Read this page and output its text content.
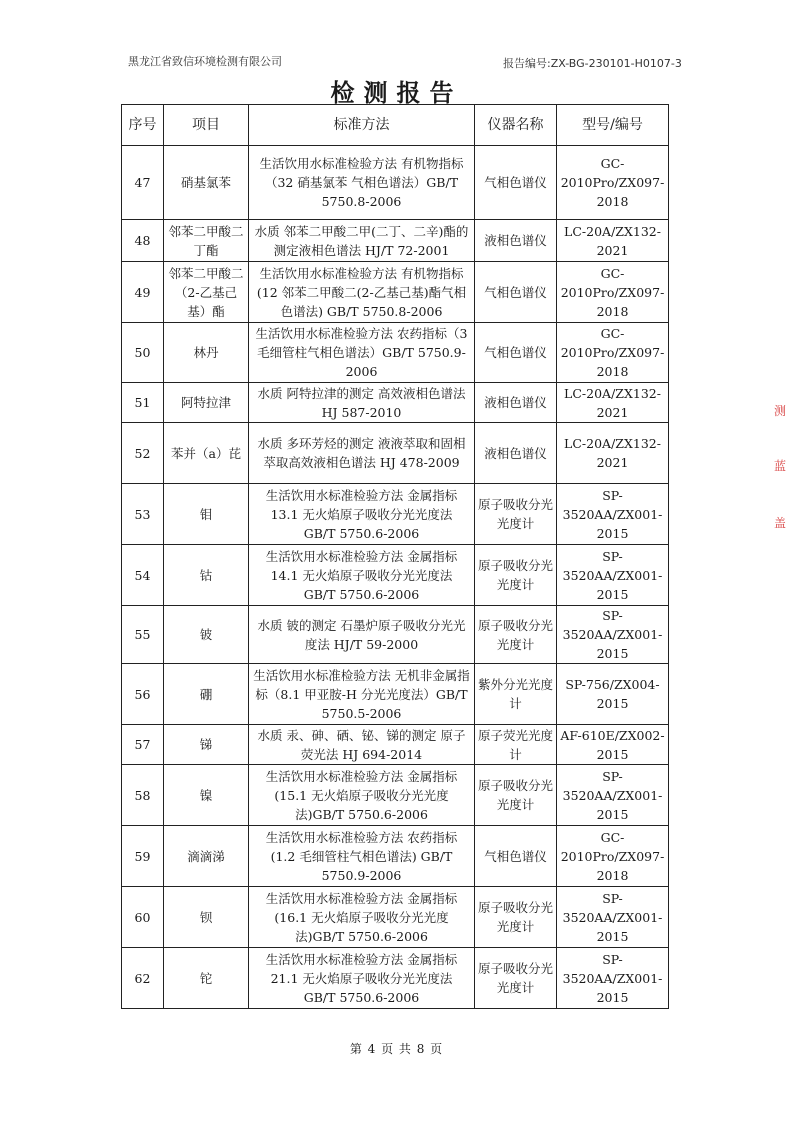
黑龙江省致信环境检测有限公司	报告编号:ZX-BG-230101-H0107-3
检测报告
序号	项目	标准方法	仪器名称	型号/编号
47	硝基氯苯	生活饮用水标准检验方法 有机物指标（32 硝基氯苯 气相色谱法）GB/T 5750.8-2006	气相色谱仪	GC-2010Pro/ZX097-2018
48	邻苯二甲酸二丁酯	水质 邻苯二甲酸二甲(二丁、二辛)酯的测定液相色谱法 HJ/T 72-2001	液相色谱仪	LC-20A/ZX132-2021
49	邻苯二甲酸二（2-乙基己基）酯	生活饮用水标准检验方法 有机物指标(12 邻苯二甲酸二(2-乙基己基)酯气相色谱法) GB/T 5750.8-2006	气相色谱仪	GC-2010Pro/ZX097-2018
50	林丹	生活饮用水标准检验方法 农药指标（3 毛细管柱气相色谱法）GB/T 5750.9-2006	气相色谱仪	GC-2010Pro/ZX097-2018
51	阿特拉津	水质 阿特拉津的测定 高效液相色谱法 HJ 587-2010	液相色谱仪	LC-20A/ZX132-2021
52	苯并（a）芘	水质 多环芳烃的测定 液液萃取和固相萃取高效液相色谱法 HJ 478-2009	液相色谱仪	LC-20A/ZX132-2021
53	钼	生活饮用水标准检验方法 金属指标 13.1 无火焰原子吸收分光光度法 GB/T 5750.6-2006	原子吸收分光光度计	SP-3520AA/ZX001-2015
54	钴	生活饮用水标准检验方法 金属指标 14.1 无火焰原子吸收分光光度法 GB/T 5750.6-2006	原子吸收分光光度计	SP-3520AA/ZX001-2015
55	铍	水质 铍的测定 石墨炉原子吸收分光光度法 HJ/T 59-2000	原子吸收分光光度计	SP-3520AA/ZX001-2015
56	硼	生活饮用水标准检验方法 无机非金属指标（8.1 甲亚胺-H 分光光度法）GB/T 5750.5-2006	紫外分光光度计	SP-756/ZX004-2015
57	锑	水质 汞、砷、硒、铋、锑的测定 原子荧光法 HJ 694-2014	原子荧光光度计	AF-610E/ZX002-2015
58	镍	生活饮用水标准检验方法 金属指标 (15.1 无火焰原子吸收分光光度法)GB/T 5750.6-2006	原子吸收分光光度计	SP-3520AA/ZX001-2015
59	滴滴涕	生活饮用水标准检验方法 农药指标 (1.2 毛细管柱气相色谱法) GB/T 5750.9-2006	气相色谱仪	GC-2010Pro/ZX097-2018
60	钡	生活饮用水标准检验方法 金属指标 (16.1 无火焰原子吸收分光光度法)GB/T 5750.6-2006	原子吸收分光光度计	SP-3520AA/ZX001-2015
62	铊	生活饮用水标准检验方法 金属指标 21.1 无火焰原子吸收分光光度法 GB/T 5750.6-2006	原子吸收分光光度计	SP-3520AA/ZX001-2015
测
蓝
盖
第 4 页 共 8 页
